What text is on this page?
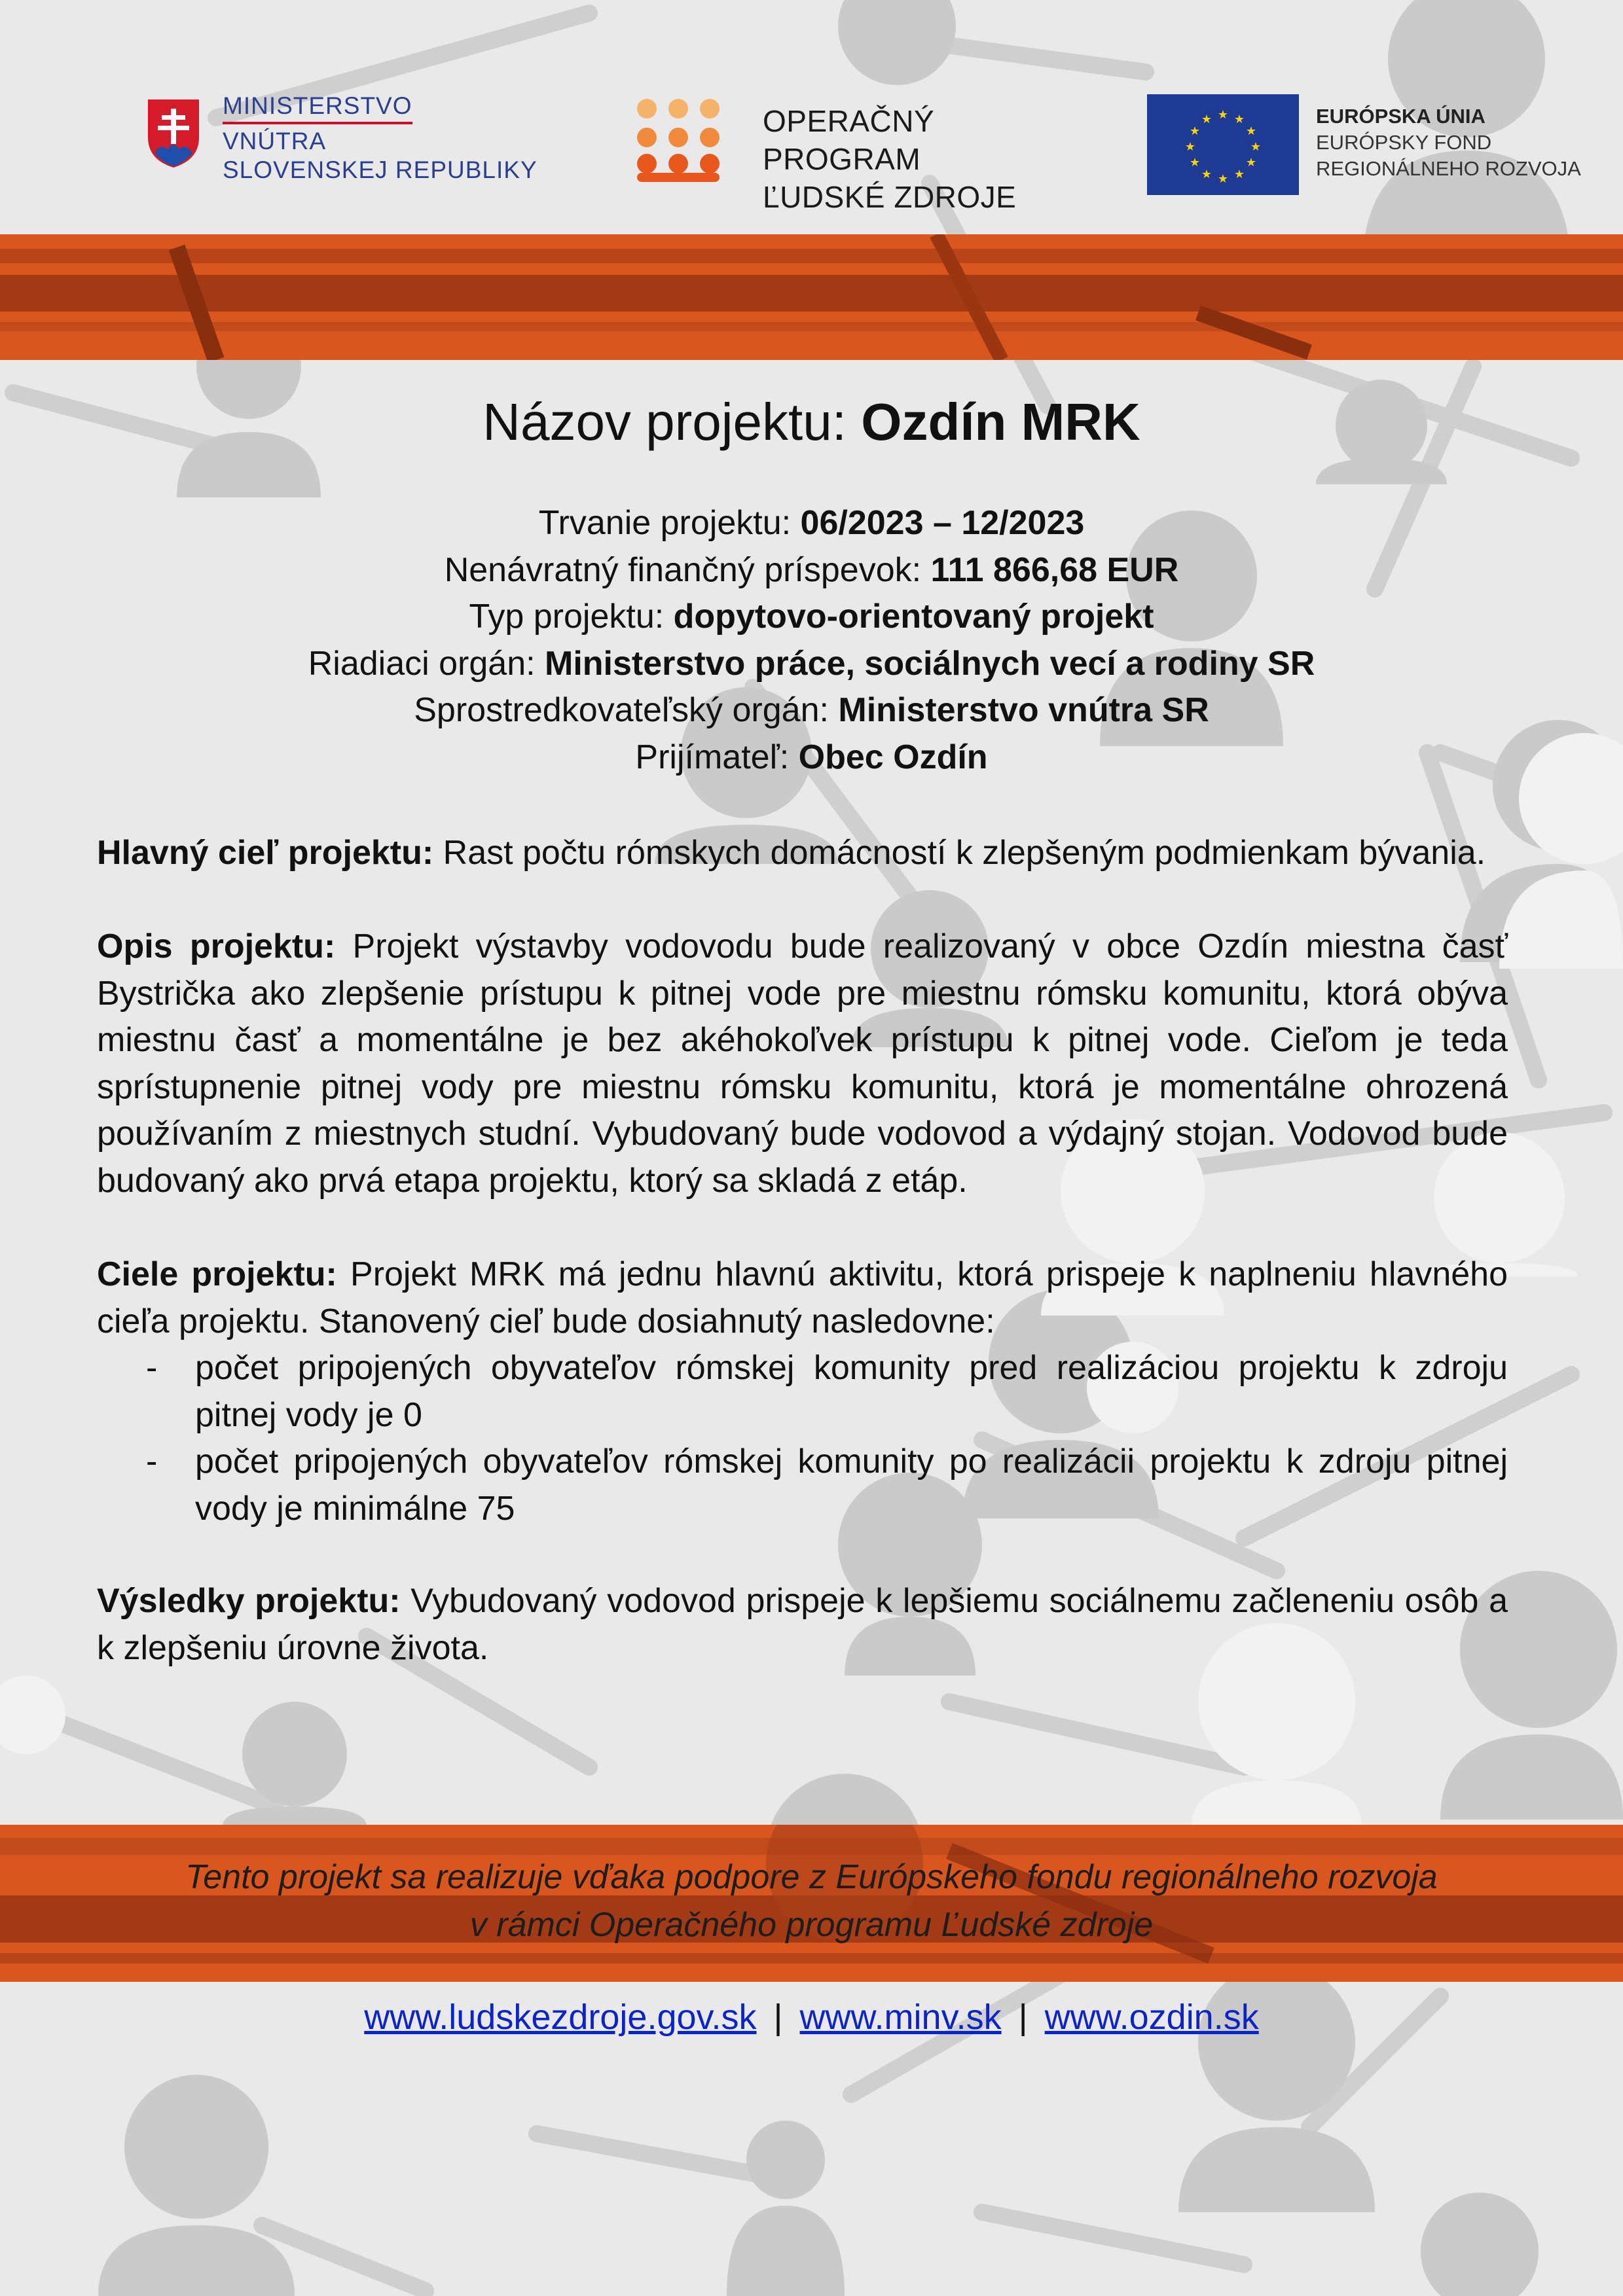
MINISTERSTVO
VNÚTRA
SLOVENSKEJ REPUBLIKY
OPERAČNÝ PROGRAM
ĽUDSKÉ ZDROJE
★ ★
★
★
★
★
★
★
★
★
★
★	EURÓPSKA ÚNIA
EURÓPSKY FOND
REGIONÁLNEHO ROZVOJA
Názov projektu: Ozdín MRK
Trvanie projektu: 06/2023 – 12/2023
Nenávratný finančný príspevok: 111 866,68 EUR
Typ projektu: dopytovo-orientovaný projekt
Riadiaci orgán: Ministerstvo práce, sociálnych vecí a rodiny SR
Sprostredkovateľský orgán: Ministerstvo vnútra SR
Prijímateľ: Obec Ozdín
Hlavný cieľ projektu: Rast počtu rómskych domácností k zlepšeným podmienkam bývania.
Opis projektu: Projekt výstavby vodovodu bude realizovaný v obce Ozdín miestna časť Bystrička ako zlepšenie prístupu k pitnej vode pre miestnu rómsku komunitu, ktorá obýva miestnu časť a momentálne je bez akéhokoľvek prístupu k pitnej vode. Cieľom je teda sprístupnenie pitnej vody pre miestnu rómsku komunitu, ktorá je momentálne ohrozená používaním z miestnych studní. Vybudovaný bude vodovod a výdajný stojan. Vodovod bude budovaný ako prvá etapa projektu, ktorý sa skladá z etáp.
Ciele projektu: Projekt MRK má jednu hlavnú aktivitu, ktorá prispeje k naplneniu hlavného cieľa projektu. Stanovený cieľ bude dosiahnutý nasledovne:
- počet pripojených obyvateľov rómskej komunity pred realizáciou projektu k zdroju pitnej vody je 0
- počet pripojených obyvateľov rómskej komunity po realizácii projektu k zdroju pitnej vody je minimálne 75
Výsledky projektu: Vybudovaný vodovod prispeje k lepšiemu sociálnemu začleneniu osôb a k zlepšeniu úrovne života.
Tento projekt sa realizuje vďaka podpore z Európskeho fondu regionálneho rozvoja
v rámci Operačného programu Ľudské zdroje
www.ludskezdroje.gov.sk | www.minv.sk | www.ozdin.sk
